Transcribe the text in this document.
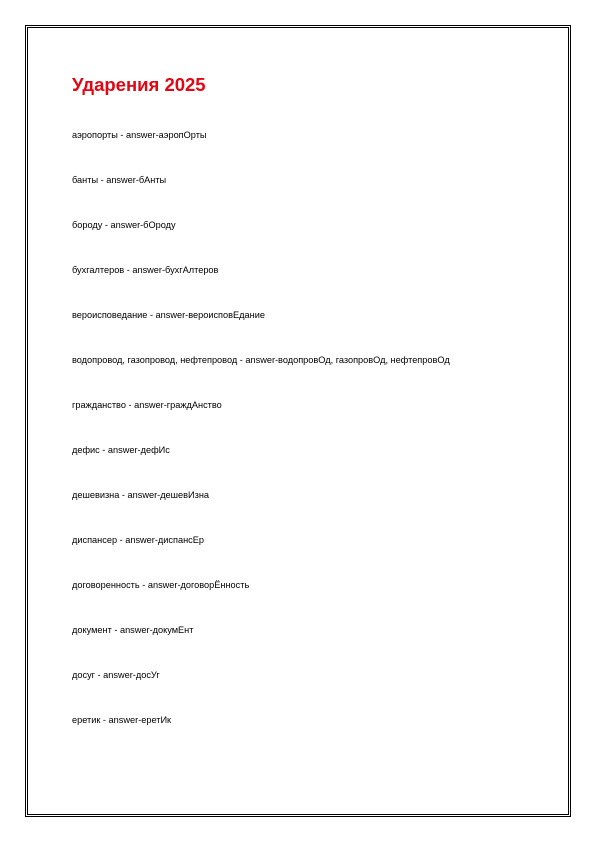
Ударения 2025
аэропорты - answer-аэропОрты
банты - answer-бАнты
бороду - answer-бОроду
бухгалтеров - answer-бухгАлтеров
вероисповедание - answer-вероисповЕдание
водопровод, газопровод, нефтепровод - answer-водопровОд, газопровОд, нефтепровОд
гражданство - answer-граждАнство
дефис - answer-дефИс
дешевизна - answer-дешевИзна
диспансер - answer-диспансЕр
договоренность - answer-договорЁнность
документ - answer-докумЕнт
досуг - answer-досУг
еретик - answer-еретИк
